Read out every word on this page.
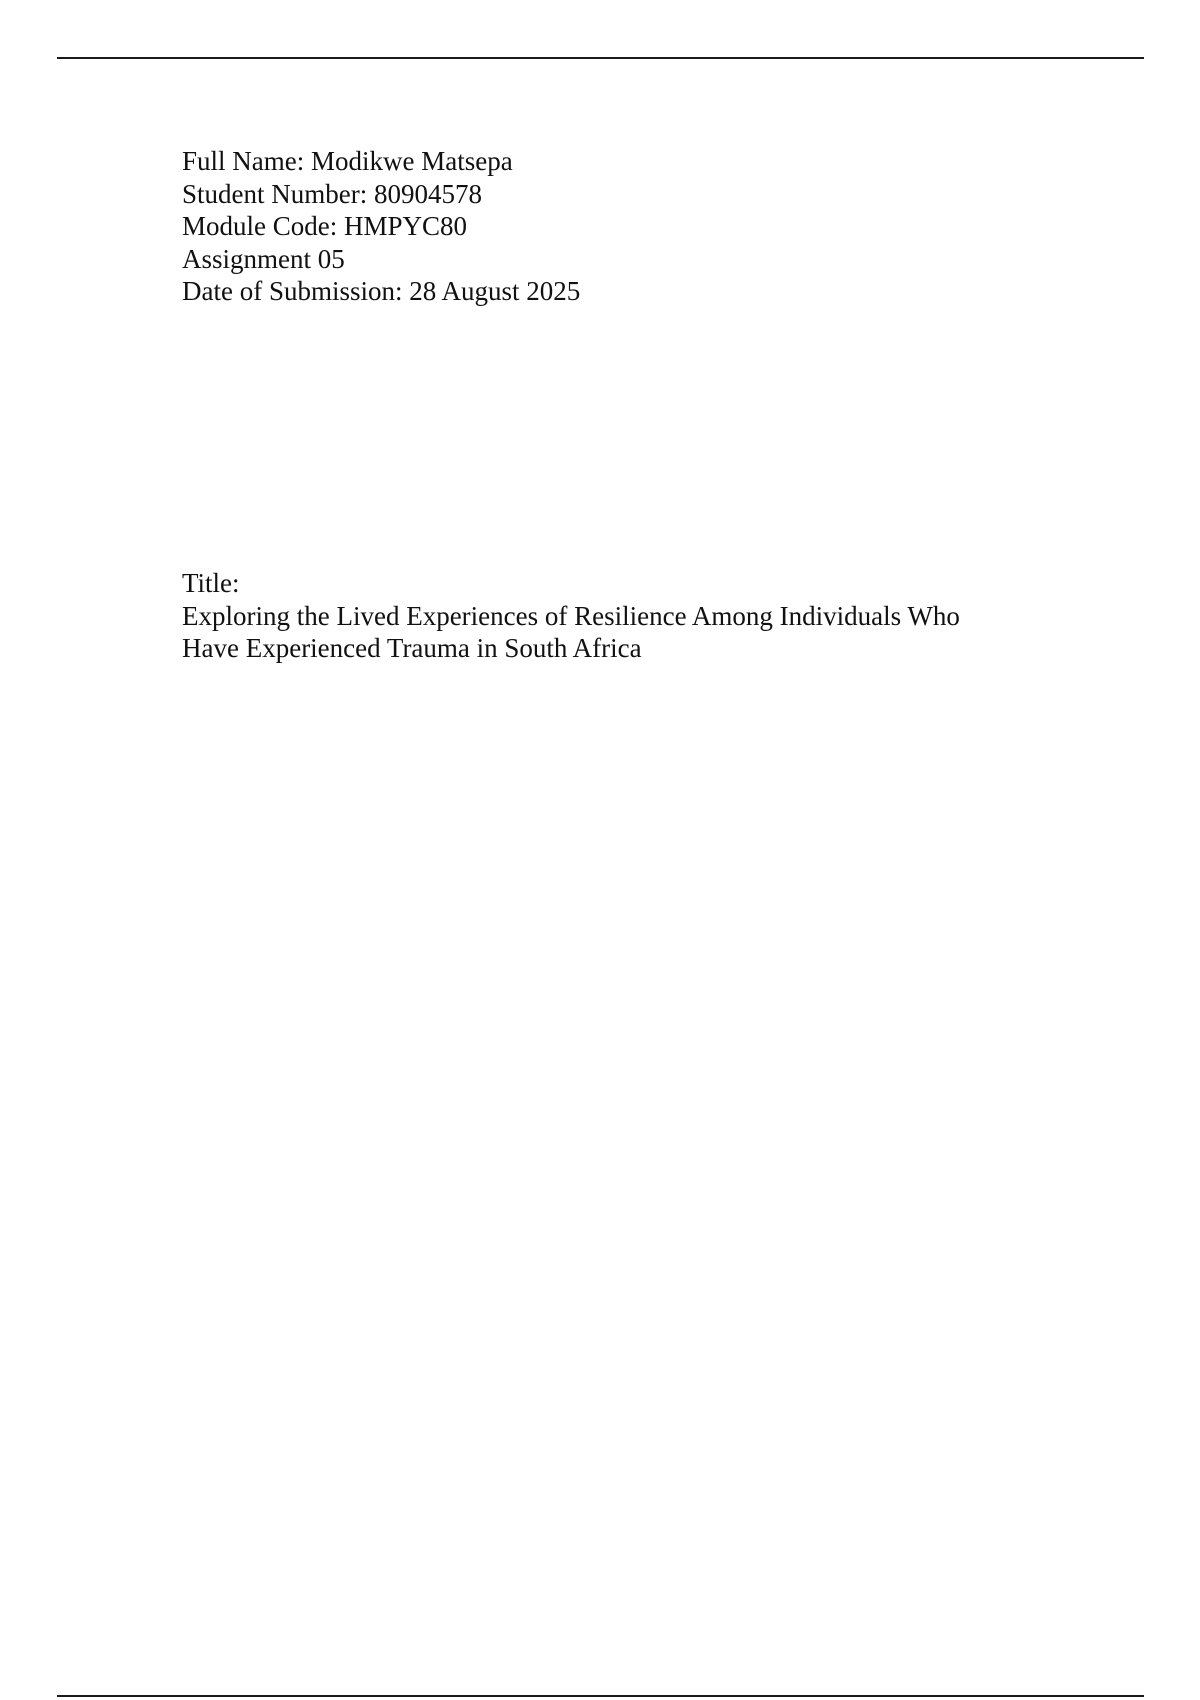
Full Name: Modikwe Matsepa
Student Number: 80904578
Module Code: HMPYC80
Assignment 05
Date of Submission: 28 August 2025
Title:
Exploring the Lived Experiences of Resilience Among Individuals Who
Have Experienced Trauma in South Africa
